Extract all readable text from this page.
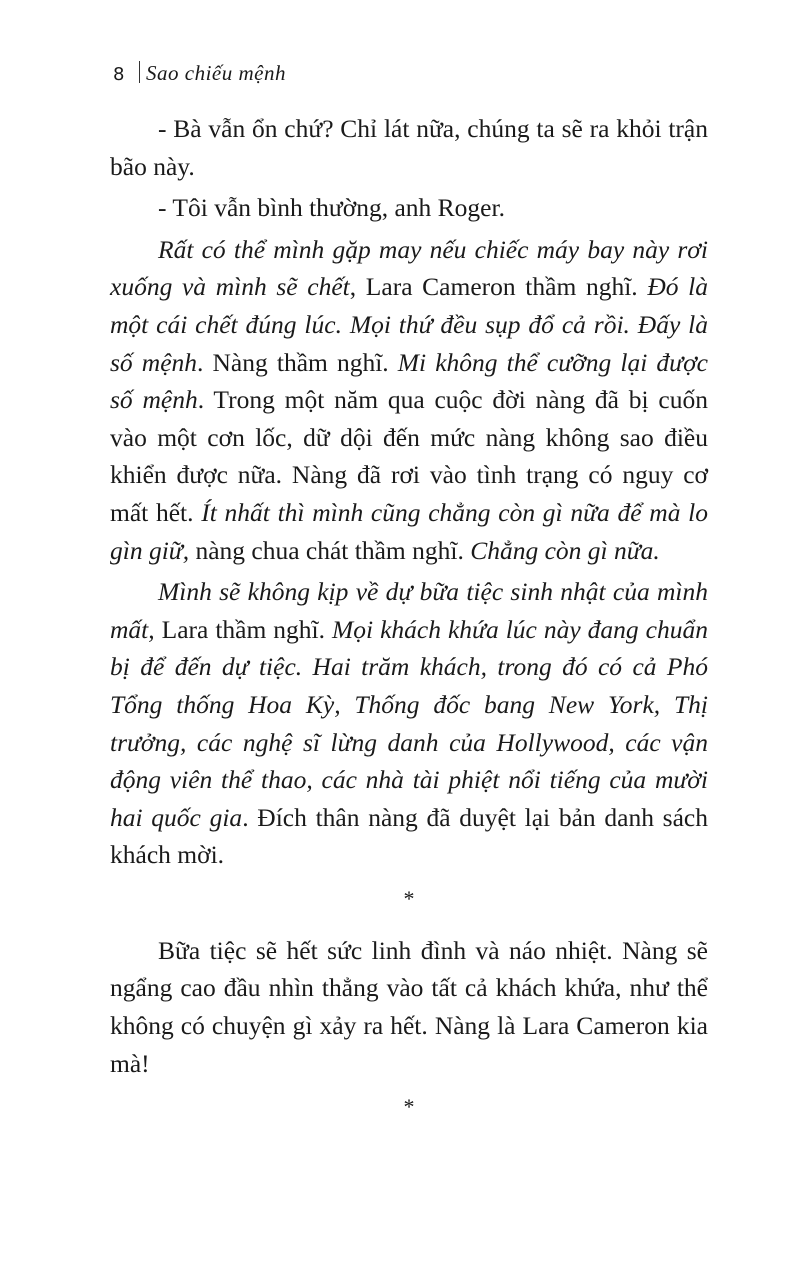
8	Sao chiếu mệnh

- Bà vẫn ổn chứ? Chỉ lát nữa, chúng ta sẽ ra khỏi trận bão này.

- Tôi vẫn bình thường, anh Roger.

Rất có thể mình gặp may nếu chiếc máy bay này rơi xuống và mình sẽ chết, Lara Cameron thầm nghĩ. Đó là một cái chết đúng lúc. Mọi thứ đều sụp đổ cả rồi. Đấy là số mệnh. Nàng thầm nghĩ. Mi không thể cưỡng lại được số mệnh. Trong một năm qua cuộc đời nàng đã bị cuốn vào một cơn lốc, dữ dội đến mức nàng không sao điều khiển được nữa. Nàng đã rơi vào tình trạng có nguy cơ mất hết. Ít nhất thì mình cũng chẳng còn gì nữa để mà lo gìn giữ, nàng chua chát thầm nghĩ. Chẳng còn gì nữa.

Mình sẽ không kịp về dự bữa tiệc sinh nhật của mình mất, Lara thầm nghĩ. Mọi khách khứa lúc này đang chuẩn bị để đến dự tiệc. Hai trăm khách, trong đó có cả Phó Tổng thống Hoa Kỳ, Thống đốc bang New York, Thị trưởng, các nghệ sĩ lừng danh của Hollywood, các vận động viên thể thao, các nhà tài phiệt nổi tiếng của mười hai quốc gia. Đích thân nàng đã duyệt lại bản danh sách khách mời.

*

Bữa tiệc sẽ hết sức linh đình và náo nhiệt. Nàng sẽ ngẩng cao đầu nhìn thẳng vào tất cả khách khứa, như thể không có chuyện gì xảy ra hết. Nàng là Lara Cameron kia mà!

*
